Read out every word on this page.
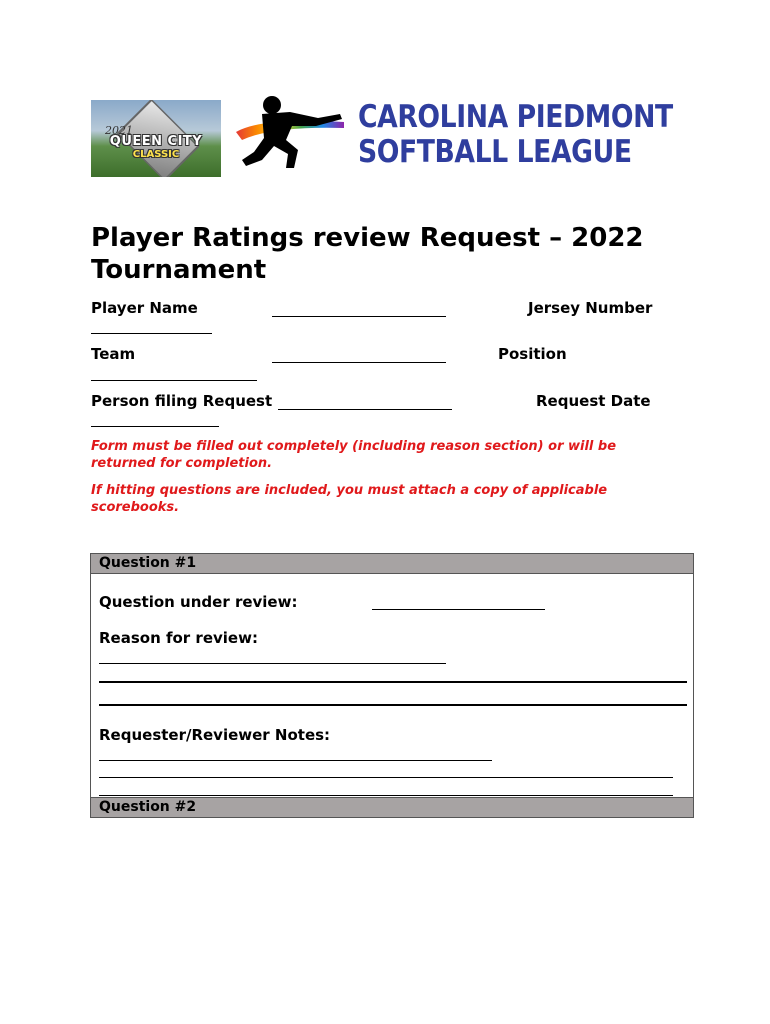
2021
QUEEN CITY
CLASSIC
CAROLINA PIEDMONT
SOFTBALL LEAGUE
Player Ratings review Request – 2022 Tournament
Player Name	Jersey Number
Team	Position
Person filing Request	Request Date
Form must be filled out completely (including reason section) or will be returned for completion.
If hitting questions are included, you must attach a copy of applicable scorebooks.
Question #1
Question under review:
Reason for review:
Requester/Reviewer Notes:
Question #2
